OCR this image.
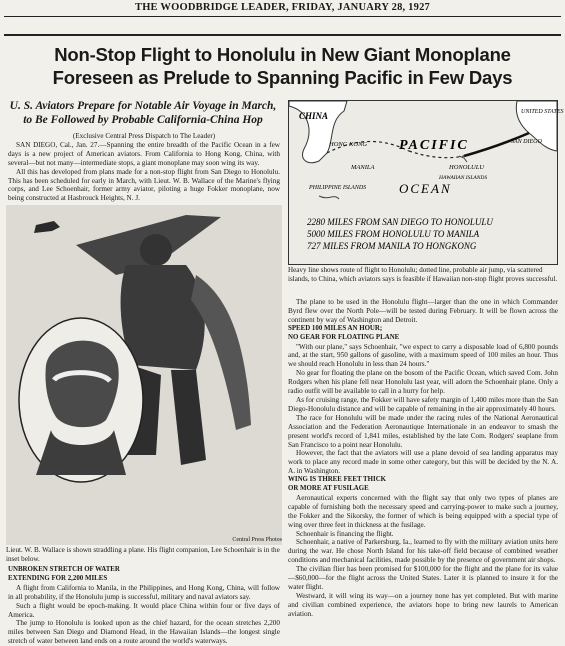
THE WOODBRIDGE LEADER, FRIDAY, JANUARY 28, 1927
Non-Stop Flight to Honolulu in New Giant Monoplane
Foreseen as Prelude to Spanning Pacific in Few Days
U. S. Aviators Prepare for Notable Air Voyage in March,
to Be Followed by Probable California-China Hop

(Exclusive Central Press Dispatch to The Leader)

SAN DIEGO, Cal., Jan. 27.—Spanning the entire breadth of the Pacific Ocean in a few days is a new project of American aviators. From California to Hong Kong, China, with several—but not many—intermediate stops, a giant monoplane may soon wing its way.

All this has developed from plans made for a non-stop flight from San Diego to Honolulu. This has been scheduled for early in March, with Lieut. W. B. Wallace of the Marine's flying corps, and Lee Schoenhair, former army aviator, piloting a huge Fokker monoplane, now being constructed at Hasbrouck Heights, N. J.

CHINA
HONG KONG
MANILA
PHILIPPINE ISLANDS
PACIFIC
OCEAN
HONOLULU
HAWAIIAN ISLANDS
SAN DIEGO
UNITED STATES
2280 MILES FROM SAN DIEGO TO HONOLULU
5000 MILES FROM HONOLULU TO MANILA
727 MILES FROM MANILA TO HONGKONG
Heavy line shows route of flight to Honolulu; dotted line, probable air jump, via scattered islands, to China, which aviators says is feasible if Hawaiian non-stop flight proves successful.

The plane to be used in the Honolulu flight—larger than the one in which Commander Byrd flew over the North Pole—will be tested during February. It will be flown across the continent by way of Washington and Detroit.

SPEED 100 MILES AN HOUR;

NO GEAR FOR FLOATING PLANE

"With our plane," says Schoenhair, "we expect to carry a disposable load of 6,800 pounds and, at the start, 950 gallons of gasoline, with a maximum speed of 100 miles an hour. Thus we should reach Honolulu in less than 24 hours."

No gear for floating the plane on the bosom of the Pacific Ocean, which saved Com. John Rodgers when his plane fell near Honolulu last year, will adorn the Schoenhair plane. Only a radio outfit will be available to call in a hurry for help.

As for cruising range, the Fokker will have safety margin of 1,400 miles more than the San Diego-Honolulu distance and will be capable of remaining in the air approximately 40 hours.

The race for Honolulu will be made under the racing rules of the National Aeronautical Association and the Federation Aeronautique Internationale in an endeavor to smash the present world's record of 1,841 miles, established by the late Com. Rodgers' seaplane from San Francisco to a point near Honolulu.

However, the fact that the aviators will use a plane devoid of sea landing apparatus may work to place any record made in some other category, but this will be decided by the N. A. A. in Washington.

WING IS THREE FEET THICK

OR MORE AT FUSILAGE

Aeronautical experts concerned with the flight say that only two types of planes are capable of furnishing both the necessary speed and carrying-power to make such a journey, the Fokker and the Sikorsky, the former of which is being equipped with a special type of wing over three feet in thickness at the fusilage.

Schoenhair is financing the flight.

Schoenhair, a native of Parkersburg, Ia., learned to fly with the military aviation units here during the war. He chose North Island for his take-off field because of combined weather conditions and mechanical facilities, made possible by the presence of government air shops.

The civilian flier has been promised for $100,000 for the flight and the plane for its value—$60,000—for the flight across the United States. Later it is planned to insure it for the water flight.

Westward, it will wing its way—on a journey none has yet completed. But with marine and civilian combined experience, the aviators hope to bring new laurels to American aviation.

Central Press Photos
Lieut. W. B. Wallace is shown straddling a plane. His flight companion, Lee Schoenhair is in the inset below.

UNBROKEN STRETCH OF WATER

EXTENDING FOR 2,200 MILES

A flight from California to Manila, in the Philippines, and Hong Kong, China, will follow in all probability, if the Honolulu jump is successful, military and naval aviators say.

Such a flight would be epoch-making. It would place China within four or five days of America.

The jump to Honolulu is looked upon as the chief hazard, for the ocean stretches 2,200 miles between San Diego and Diamond Head, in the Hawaiian Islands—the longest single stretch of water between land ends on a route around the world's waterways.
